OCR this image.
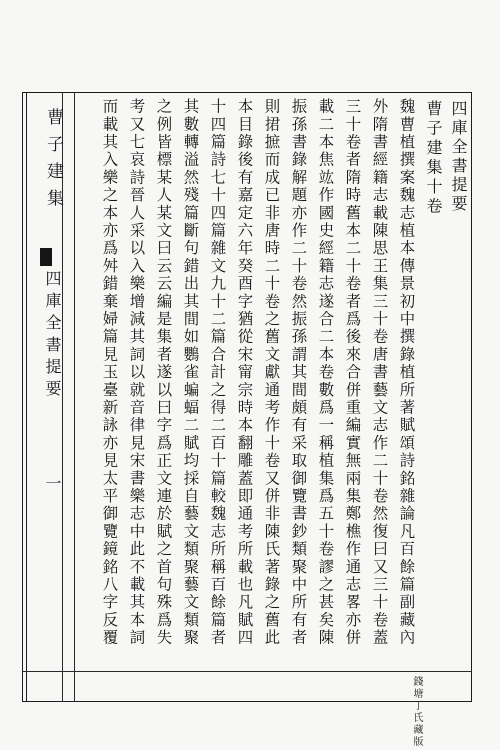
曹子建集
四庫全書提要
一
四庫全書提要
曹子建集十卷
魏曹植撰案魏志植本傳景初中撰錄植所著賦頌詩銘雜論凡百餘篇副藏內
外隋書經籍志載陳思王集三十卷唐書藝文志作二十卷然復曰又三十卷蓋
三十卷者隋時舊本二十卷者爲後來合併重編實無兩集鄭樵作通志畧亦併
載二本焦竑作國史經籍志遂合二本卷數爲一稱植集爲五十卷謬之甚矣陳
振孫書錄解題亦作二十卷然振孫謂其間頗有采取御覽書鈔類聚中所有者
則捃摭而成已非唐時二十卷之舊文獻通考作十卷又併非陳氏著錄之舊此
本目錄後有嘉定六年癸酉字猶從宋甯宗時本翻雕蓋即通考所載也凡賦四
十四篇詩七十四篇雜文九十二篇合計之得二百十篇較魏志所稱百餘篇者
其數轉溢然殘篇斷句錯出其間如鸚雀蝙蝠二賦均採自藝文類聚藝文類聚
之例皆標某人某文曰云云編是集者遂以曰字爲正文連於賦之首句殊爲失
考又七哀詩晉人采以入樂增減其詞以就音律見宋書樂志中此不載其本詞
而載其入樂之本亦爲舛錯棄婦篇見玉臺新詠亦見太平御覽鏡銘八字反覆
錢塘丁氏藏版
